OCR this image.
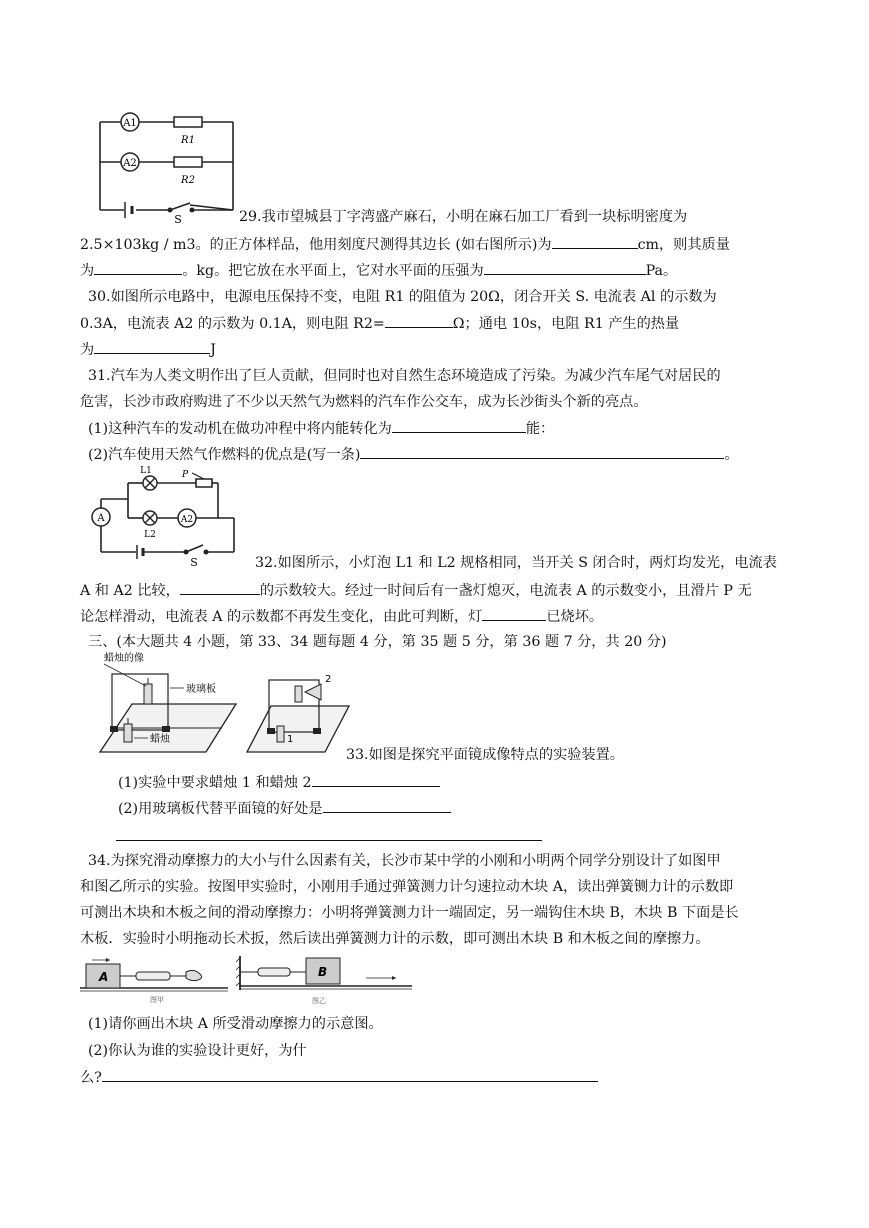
A1
R1
A2
R2
S	29.我市望城县丁字湾盛产麻石，小明在麻石加工厂看到一块标明密度为
2.5×103kg / m3。的正方体样品，他用刻度尺测得其边长 (如右图所示)为	cm，则其质量
为	。kg。把它放在水平面上，它对水平面的压强为	Pa。
30.如图所示电路中，电源电压保持不变，电阻 R1 的阻值为 20Ω，闭合开关 S. 电流表 Al 的示数为
0.3A，电流表 A2 的示数为 0.1A，则电阻 R2=	Ω；通电 10s，电阻 R1 产生的热量
为	J
31.汽车为人类文明作出了巨人贡献，但同时也对自然生态环境造成了污染。为减少汽车尾气对居民的
危害，长沙市政府购进了不少以天然气为燃料的汽车作公交车，成为长沙街头个新的亮点。
(1)这种汽车的发动机在做功冲程中将内能转化为	能：
(2)汽车使用天然气作燃料的优点是(写一条)	。
A
L1	P
L2
A2
S	32.如图所示，小灯泡 L1 和 L2 规格相同，当开关 S 闭合时，两灯均发光，电流表
A 和 A2 比较，	的示数较大。经过一时间后有一盏灯熄灭，电流表 A 的示数变小，且滑片 P 无
论怎样滑动，电流表 A 的示数都不再发生变化，由此可判断，灯	已烧坏。
三、(本大题共 4 小题，第 33、34 题每题 4 分，第 35 题 5 分，第 36 题 7 分，共 20 分)
蜡烛的像
玻璃板
蜡烛
2
1
33.如图是探究平面镜成像特点的实验装置。
(1)实验中要求蜡烛 1 和蜡烛 2
(2)用玻璃板代替平面镜的好处是
34.为探究滑动摩擦力的大小与什么因素有关，长沙市某中学的小刚和小明两个同学分别设计了如图甲
和图乙所示的实验。按图甲实验时，小刚用手通过弹簧测力计匀速拉动木块 A，读出弹簧铡力计的示数即
可测出木块和木板之间的滑动摩擦力：小明将弹簧测力计一端固定，另一端钩住木块 B，木块 B 下面是长
木板．实验时小明拖动长术扳，然后读出弹簧测力计的示数，即可测出木块 B 和木板之间的摩擦力。
A
图甲
B
图乙
(1)请你画出木块 A 所受滑动摩擦力的示意图。
(2)你认为谁的实验设计更好，为什
么?
